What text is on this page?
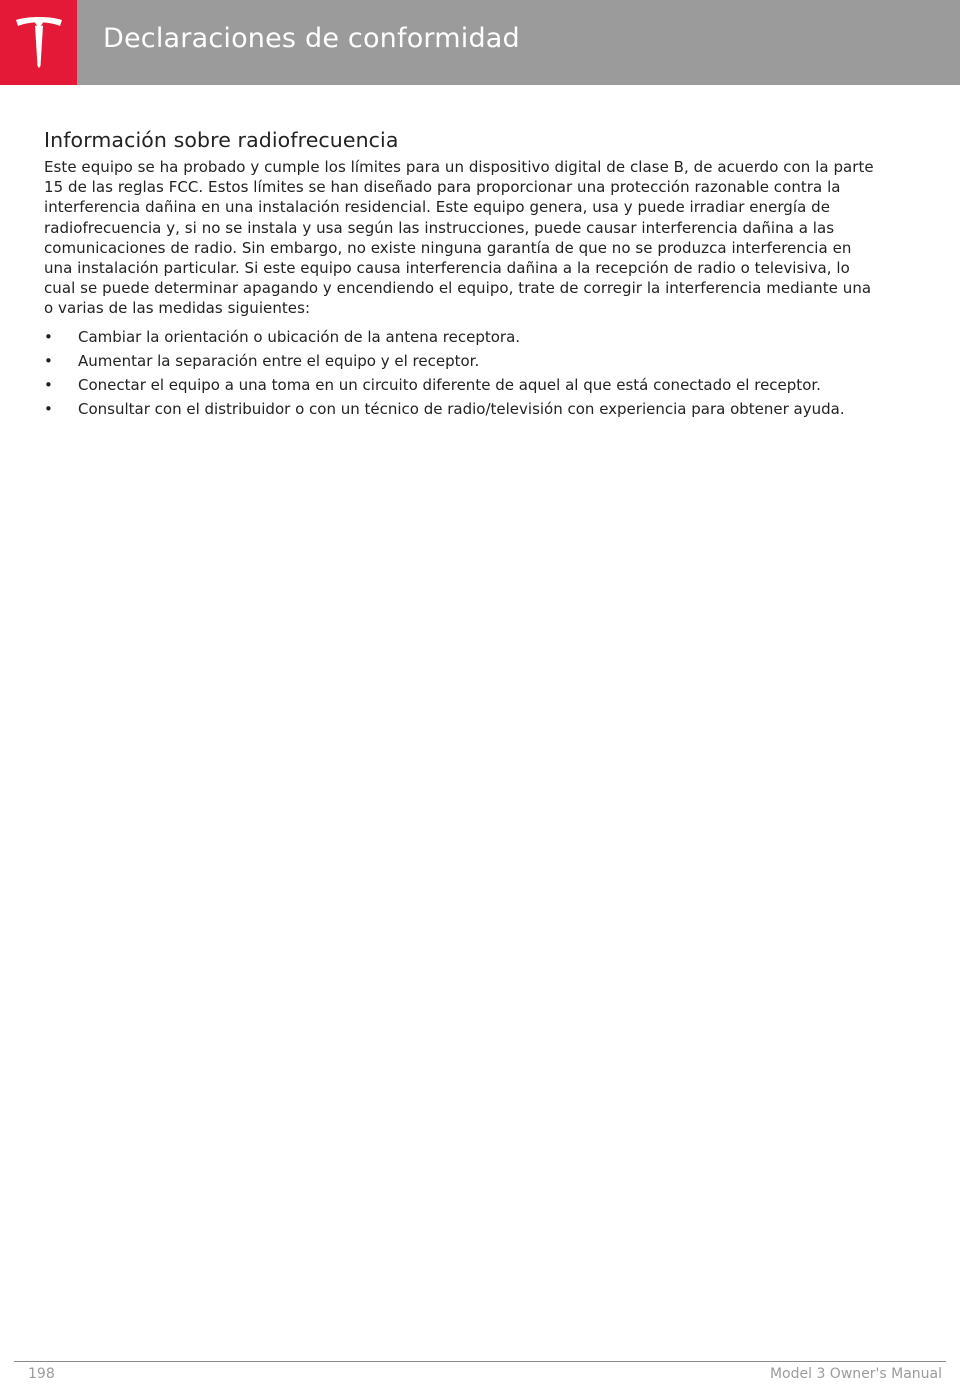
Declaraciones de conformidad
Información sobre radiofrecuencia

Este equipo se ha probado y cumple los límites para un dispositivo digital de clase B, de acuerdo con la parte 15 de las reglas FCC. Estos límites se han diseñado para proporcionar una protección razonable contra la interferencia dañina en una instalación residencial. Este equipo genera, usa y puede irradiar energía de radiofrecuencia y, si no se instala y usa según las instrucciones, puede causar interferencia dañina a las comunicaciones de radio. Sin embargo, no existe ninguna garantía de que no se produzca interferencia en una instalación particular. Si este equipo causa interferencia dañina a la recepción de radio o televisiva, lo cual se puede determinar apagando y encendiendo el equipo, trate de corregir la interferencia mediante una o varias de las medidas siguientes:

•	Cambiar la orientación o ubicación de la antena receptora.
•	Aumentar la separación entre el equipo y el receptor.
•	Conectar el equipo a una toma en un circuito diferente de aquel al que está conectado el receptor.
•	Consultar con el distribuidor o con un técnico de radio/televisión con experiencia para obtener ayuda.
198	Model 3 Owner's Manual
